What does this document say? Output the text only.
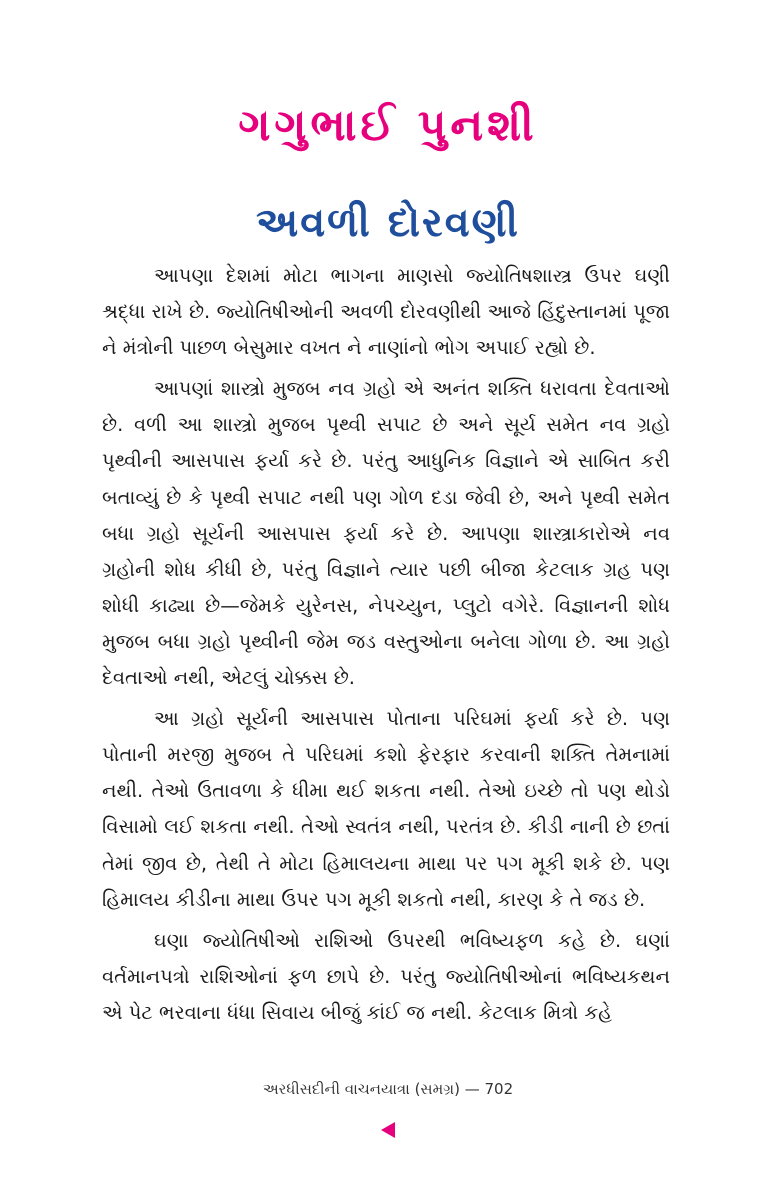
ગગુભાઈ પુનશી
અવળી દોરવણી

આપણા દેશમાં મોટા ભાગના માણસો જ્યોતિષશાસ્ત્ર ઉપર ઘણી શ્રદ્ધા રાખે છે. જ્યોતિષીઓની અવળી દોરવણીથી આજે હિંદુસ્તાનમાં પૂજા ને મંત્રોની પાછળ બેસુમાર વખત ને નાણાંનો ભોગ અપાઈ રહ્યો છે.

આપણાં શાસ્ત્રો મુજબ નવ ગ્રહો એ અનંત શક્તિ ધરાવતા દેવતાઓ છે. વળી આ શાસ્ત્રો મુજબ પૃથ્વી સપાટ છે અને સૂર્ય સમેત નવ ગ્રહો પૃથ્વીની આસપાસ ફર્યા કરે છે. પરંતુ આધુનિક વિજ્ઞાને એ સાબિત કરી બતાવ્યું છે કે પૃથ્વી સપાટ નથી પણ ગોળ દડા જેવી છે, અને પૃથ્વી સમેત બધા ગ્રહો સૂર્યની આસપાસ ફર્યા કરે છે. આપણા શાસ્ત્રાકારોએ નવ ગ્રહોની શોધ કીધી છે, પરંતુ વિજ્ઞાને ત્યાર પછી બીજા કેટલાક ગ્રહ પણ શોધી કાઢ્યા છે—જેમકે યુરેનસ, નેપચ્યુન, પ્લુટો વગેરે. વિજ્ઞાનની શોધ મુજબ બધા ગ્રહો પૃથ્વીની જેમ જડ વસ્તુઓના બનેલા ગોળા છે. આ ગ્રહો દેવતાઓ નથી, એટલું ચોક્કસ છે.

આ ગ્રહો સૂર્યની આસપાસ પોતાના પરિઘમાં ફર્યા કરે છે. પણ પોતાની મરજી મુજબ તે પરિઘમાં કશો ફેરફાર કરવાની શક્તિ તેમનામાં નથી. તેઓ ઉતાવળા કે ધીમા થઈ શકતા નથી. તેઓ ઇચ્છે તો પણ થોડો વિસામો લઈ શકતા નથી. તેઓ સ્વતંત્ર નથી, પરતંત્ર છે. કીડી નાની છે છતાં તેમાં જીવ છે, તેથી તે મોટા હિમાલયના માથા પર પગ મૂકી શકે છે. પણ હિમાલય કીડીના માથા ઉપર પગ મૂકી શકતો નથી, કારણ કે તે જડ છે.

ઘણા જ્યોતિષીઓ રાશિઓ ઉપરથી ભવિષ્યફળ કહે છે. ઘણાં વર્તમાનપત્રો રાશિઓનાં ફળ છાપે છે. પરંતુ જ્યોતિષીઓનાં ભવિષ્યકથન એ પેટ ભરવાના ધંધા સિવાય બીજું કાંઈ જ નથી. કેટલાક મિત્રો કહે

અરધીસદીની વાચનયાત્રા (સમગ્ર) — 702
